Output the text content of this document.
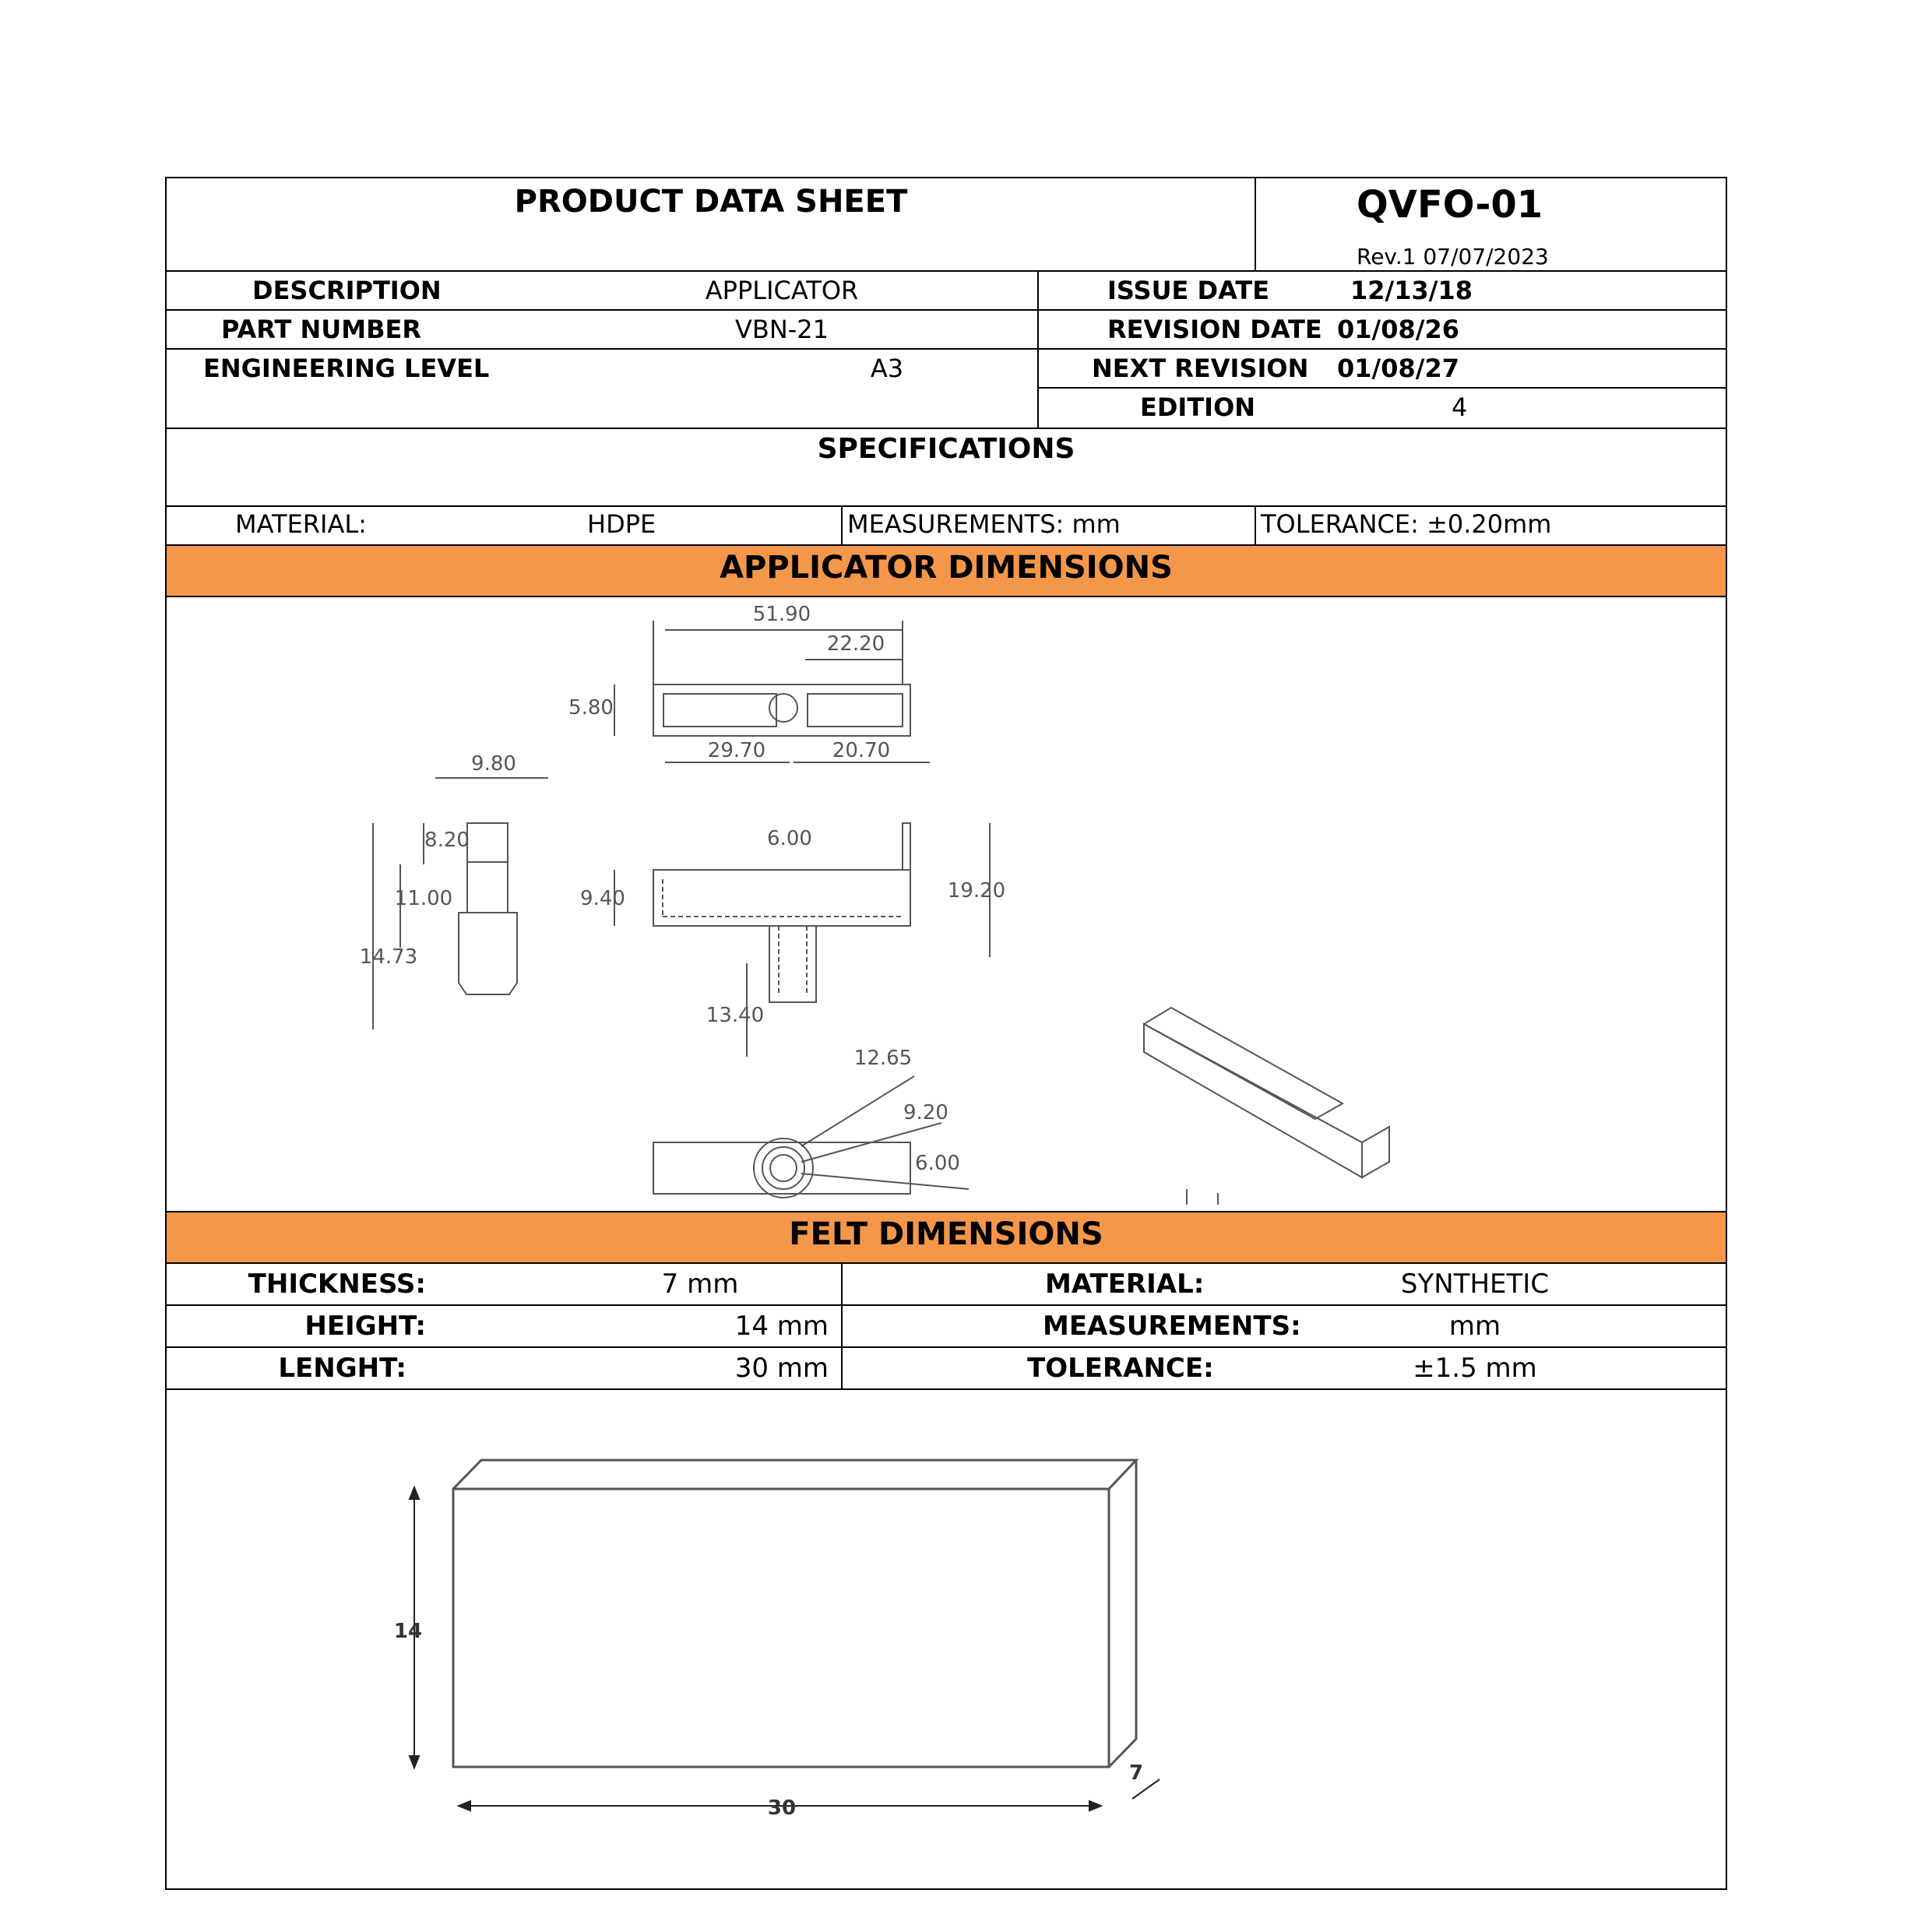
PRODUCT DATA SHEET	QVFO-01
Rev.1 07/07/2023
DESCRIPTION	APPLICATOR
PART NUMBER	VBN-21
ENGINEERING LEVEL	A3
ISSUE DATE	12/13/18
REVISION DATE 01/08/26
NEXT REVISION 01/08/27
EDITION	4
SPECIFICATIONS
MATERIAL:	HDPE	MEASUREMENTS: mm	TOLERANCE: ±0.20mm
APPLICATOR DIMENSIONS
51.90
22.20
5.80
29.70	20.70
9.80
8.20
11.00
14.73
6.00
9.40	19.20
13.40
12.65
9.20
6.00
FELT DIMENSIONS
THICKNESS:	7 mm	MATERIAL:	SYNTHETIC
HEIGHT:	14 mm	MEASUREMENTS:	mm
LENGHT:	30 mm	TOLERANCE:	±1.5 mm
14
30
7
